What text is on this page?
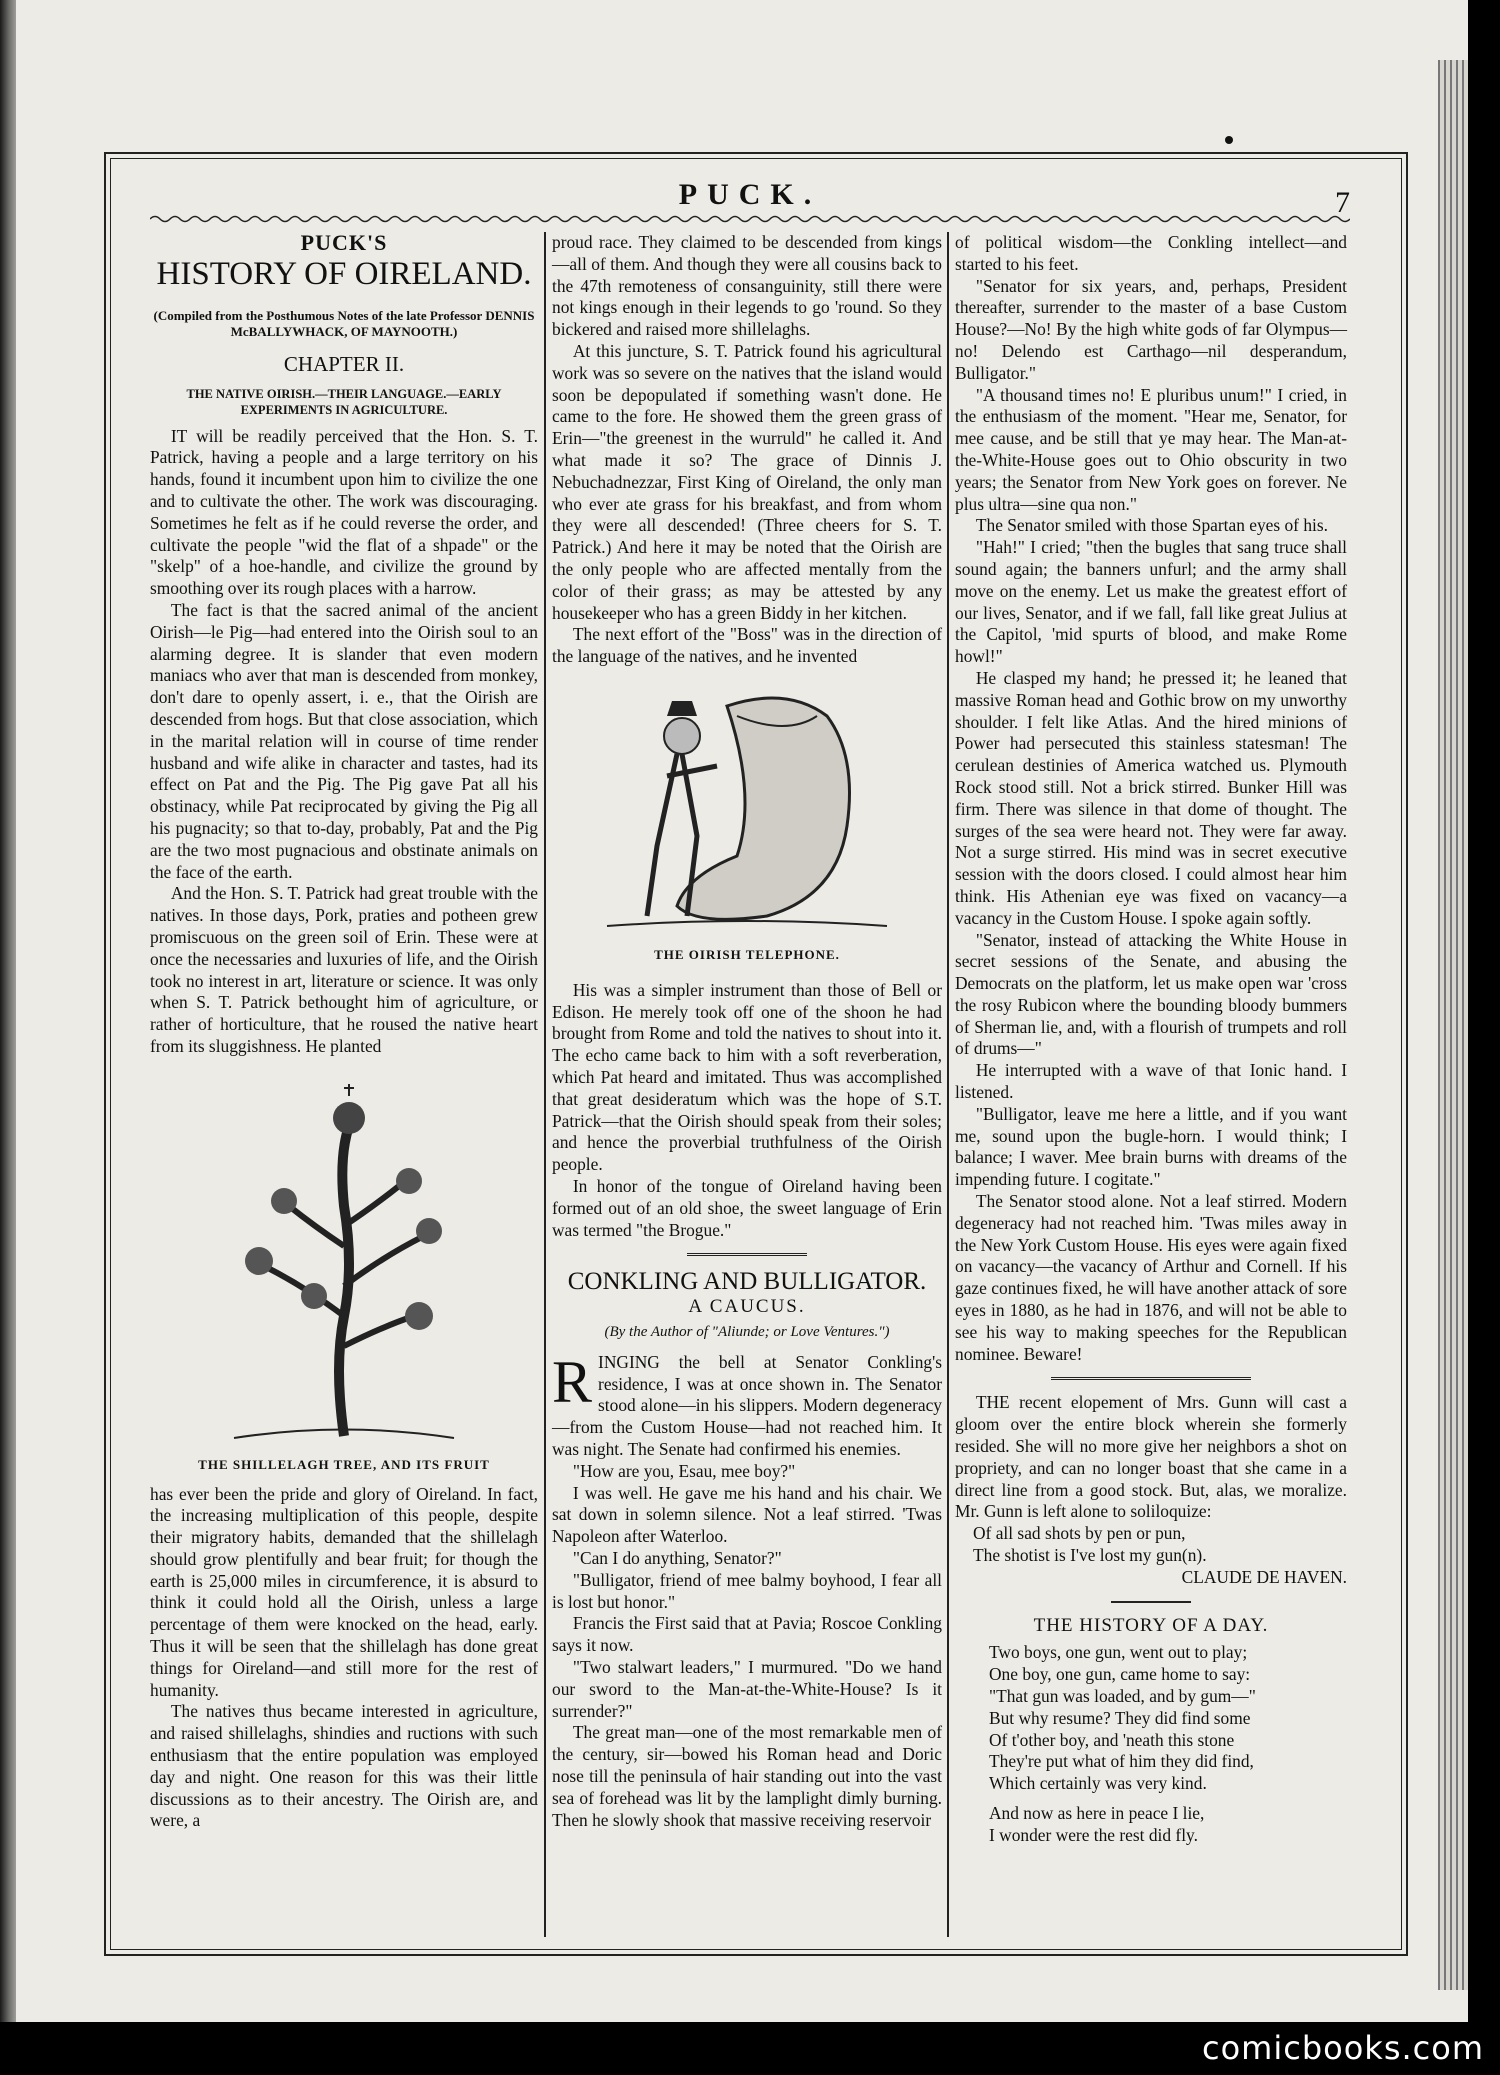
PUCK.	7
PUCK'S
HISTORY OF OIRELAND.
(Compiled from the Posthumous Notes of the late Professor DENNIS McBALLYWHACK, OF MAYNOOTH.)
CHAPTER II.
THE NATIVE OIRISH.—THEIR LANGUAGE.—EARLY EXPERIMENTS IN AGRICULTURE.

IT will be readily perceived that the Hon. S. T. Patrick, having a people and a large territory on his hands, found it incumbent upon him to civilize the one and to cultivate the other. The work was discouraging. Sometimes he felt as if he could reverse the order, and cultivate the people "wid the flat of a shpade" or the "skelp" of a hoe-handle, and civilize the ground by smoothing over its rough places with a harrow.

The fact is that the sacred animal of the ancient Oirish—le Pig—had entered into the Oirish soul to an alarming degree. It is slander that even modern maniacs who aver that man is descended from monkey, don't dare to openly assert, i. e., that the Oirish are descended from hogs. But that close association, which in the marital relation will in course of time render husband and wife alike in character and tastes, had its effect on Pat and the Pig. The Pig gave Pat all his obstinacy, while Pat reciprocated by giving the Pig all his pugnacity; so that to-day, probably, Pat and the Pig are the two most pugnacious and obstinate animals on the face of the earth.

And the Hon. S. T. Patrick had great trouble with the natives. In those days, Pork, praties and potheen grew promiscuous on the green soil of Erin. These were at once the necessaries and luxuries of life, and the Oirish took no interest in art, literature or science. It was only when S. T. Patrick bethought him of agriculture, or rather of horticulture, that he roused the native heart from its sluggishness. He planted

THE SHILLELAGH TREE, AND ITS FRUIT

has ever been the pride and glory of Oireland. In fact, the increasing multiplication of this people, despite their migratory habits, demanded that the shillelagh should grow plentifully and bear fruit; for though the earth is 25,000 miles in circumference, it is absurd to think it could hold all the Oirish, unless a large percentage of them were knocked on the head, early. Thus it will be seen that the shillelagh has done great things for Oireland—and still more for the rest of humanity.

The natives thus became interested in agriculture, and raised shillelaghs, shindies and ructions with such enthusiasm that the entire population was employed day and night. One reason for this was their little discussions as to their ancestry. The Oirish are, and were, a

proud race. They claimed to be descended from kings—all of them. And though they were all cousins back to the 47th remoteness of consanguinity, still there were not kings enough in their legends to go 'round. So they bickered and raised more shillelaghs.

At this juncture, S. T. Patrick found his agricultural work was so severe on the natives that the island would soon be depopulated if something wasn't done. He came to the fore. He showed them the green grass of Erin—"the greenest in the wurruld" he called it. And what made it so? The grace of Dinnis J. Nebuchadnezzar, First King of Oireland, the only man who ever ate grass for his breakfast, and from whom they were all descended! (Three cheers for S. T. Patrick.) And here it may be noted that the Oirish are the only people who are affected mentally from the color of their grass; as may be attested by any housekeeper who has a green Biddy in her kitchen.

The next effort of the "Boss" was in the direction of the language of the natives, and he invented

THE OIRISH TELEPHONE.

His was a simpler instrument than those of Bell or Edison. He merely took off one of the shoon he had brought from Rome and told the natives to shout into it. The echo came back to him with a soft reverberation, which Pat heard and imitated. Thus was accomplished that great desideratum which was the hope of S.T. Patrick—that the Oirish should speak from their soles; and hence the proverbial truthfulness of the Oirish people.

In honor of the tongue of Oireland having been formed out of an old shoe, the sweet language of Erin was termed "the Brogue."

CONKLING AND BULLIGATOR.
A CAUCUS.
(By the Author of "Aliunde; or Love Ventures.")

RINGING the bell at Senator Conkling's residence, I was at once shown in. The Senator stood alone—in his slippers. Modern degeneracy—from the Custom House—had not reached him. It was night. The Senate had confirmed his enemies.

"How are you, Esau, mee boy?"

I was well. He gave me his hand and his chair. We sat down in solemn silence. Not a leaf stirred. 'Twas Napoleon after Waterloo.

"Can I do anything, Senator?"

"Bulligator, friend of mee balmy boyhood, I fear all is lost but honor."

Francis the First said that at Pavia; Roscoe Conkling says it now.

"Two stalwart leaders," I murmured. "Do we hand our sword to the Man-at-the-White-House? Is it surrender?"

The great man—one of the most remarkable men of the century, sir—bowed his Roman head and Doric nose till the peninsula of hair standing out into the vast sea of forehead was lit by the lamplight dimly burning. Then he slowly shook that massive receiving reservoir

of political wisdom—the Conkling intellect—and started to his feet.

"Senator for six years, and, perhaps, President thereafter, surrender to the master of a base Custom House?—No! By the high white gods of far Olympus—no! Delendo est Carthago—nil desperandum, Bulligator."

"A thousand times no! E pluribus unum!" I cried, in the enthusiasm of the moment. "Hear me, Senator, for mee cause, and be still that ye may hear. The Man-at-the-White-House goes out to Ohio obscurity in two years; the Senator from New York goes on forever. Ne plus ultra—sine qua non."

The Senator smiled with those Spartan eyes of his.

"Hah!" I cried; "then the bugles that sang truce shall sound again; the banners unfurl; and the army shall move on the enemy. Let us make the greatest effort of our lives, Senator, and if we fall, fall like great Julius at the Capitol, 'mid spurts of blood, and make Rome howl!"

He clasped my hand; he pressed it; he leaned that massive Roman head and Gothic brow on my unworthy shoulder. I felt like Atlas. And the hired minions of Power had persecuted this stainless statesman! The cerulean destinies of America watched us. Plymouth Rock stood still. Not a brick stirred. Bunker Hill was firm. There was silence in that dome of thought. The surges of the sea were heard not. They were far away. Not a surge stirred. His mind was in secret executive session with the doors closed. I could almost hear him think. His Athenian eye was fixed on vacancy—a vacancy in the Custom House. I spoke again softly.

"Senator, instead of attacking the White House in secret sessions of the Senate, and abusing the Democrats on the platform, let us make open war 'cross the rosy Rubicon where the bounding bloody bummers of Sherman lie, and, with a flourish of trumpets and roll of drums—"

He interrupted with a wave of that Ionic hand. I listened.

"Bulligator, leave me here a little, and if you want me, sound upon the bugle-horn. I would think; I balance; I waver. Mee brain burns with dreams of the impending future. I cogitate."

The Senator stood alone. Not a leaf stirred. Modern degeneracy had not reached him. 'Twas miles away in the New York Custom House. His eyes were again fixed on vacancy—the vacancy of Arthur and Cornell. If his gaze continues fixed, he will have another attack of sore eyes in 1880, as he had in 1876, and will not be able to see his way to making speeches for the Republican nominee. Beware!

THE recent elopement of Mrs. Gunn will cast a gloom over the entire block wherein she formerly resided. She will no more give her neighbors a shot on propriety, and can no longer boast that she came in a direct line from a good stock. But, alas, we moralize. Mr. Gunn is left alone to soliloquize:

Of all sad shots by pen or pun,

The shotist is I've lost my gun(n).

CLAUDE DE HAVEN.
THE HISTORY OF A DAY.

Two boys, one gun, went out to play;

One boy, one gun, came home to say:

"That gun was loaded, and by gum—"

But why resume? They did find some

Of t'other boy, and 'neath this stone

They're put what of him they did find,

Which certainly was very kind.

And now as here in peace I lie,

I wonder were the rest did fly.

comicbooks.com
